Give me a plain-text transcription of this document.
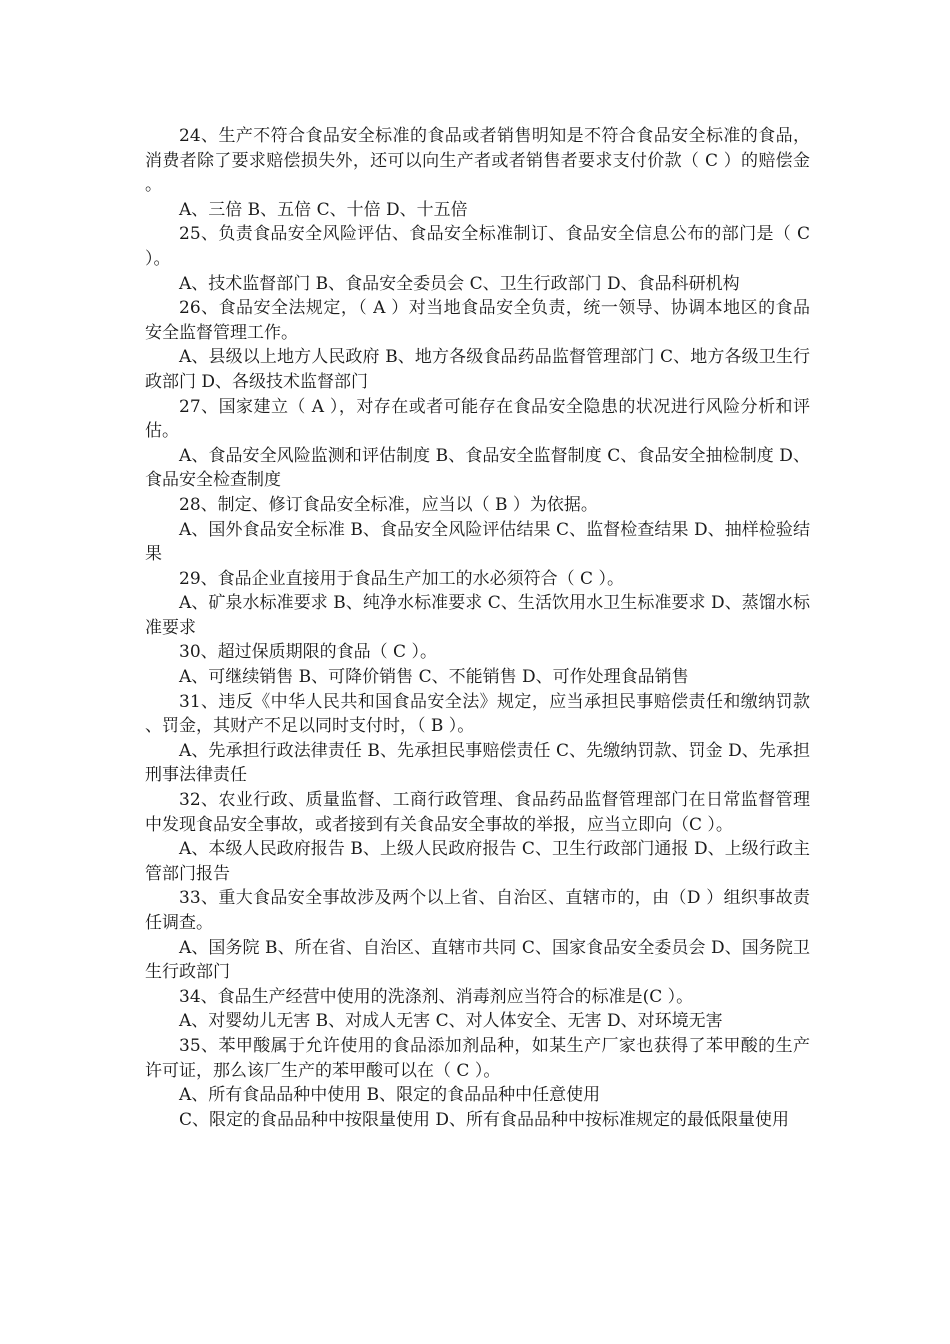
24、生产不符合食品安全标准的食品或者销售明知是不符合食品安全标准的食品，消费者除了要求赔偿损失外，还可以向生产者或者销售者要求支付价款（ C ）的赔偿金。

A、三倍 B、五倍 C、十倍 D、十五倍

25、负责食品安全风险评估、食品安全标准制订、食品安全信息公布的部门是（ C ）。

A、技术监督部门 B、食品安全委员会 C、卫生行政部门 D、食品科研机构

26、食品安全法规定，（ A ）对当地食品安全负责，统一领导、协调本地区的食品安全监督管理工作。

A、县级以上地方人民政府 B、地方各级食品药品监督管理部门 C、地方各级卫生行政部门 D、各级技术监督部门

27、国家建立（ A ），对存在或者可能存在食品安全隐患的状况进行风险分析和评估。

A、食品安全风险监测和评估制度 B、食品安全监督制度 C、食品安全抽检制度 D、食品安全检查制度

28、制定、修订食品安全标准，应当以（ B ）为依据。

A、国外食品安全标准 B、食品安全风险评估结果 C、监督检查结果 D、抽样检验结果

29、食品企业直接用于食品生产加工的水必须符合（ C ）。

A、矿泉水标准要求 B、纯净水标准要求 C、生活饮用水卫生标准要求 D、蒸馏水标准要求

30、超过保质期限的食品（ C ）。

A、可继续销售 B、可降价销售 C、不能销售 D、可作处理食品销售

31、违反《中华人民共和国食品安全法》规定，应当承担民事赔偿责任和缴纳罚款、罚金，其财产不足以同时支付时，（ B ）。

A、先承担行政法律责任 B、先承担民事赔偿责任 C、先缴纳罚款、罚金 D、先承担刑事法律责任

32、农业行政、质量监督、工商行政管理、食品药品监督管理部门在日常监督管理中发现食品安全事故，或者接到有关食品安全事故的举报，应当立即向（C ）。

A、本级人民政府报告 B、上级人民政府报告 C、卫生行政部门通报 D、上级行政主管部门报告

33、重大食品安全事故涉及两个以上省、自治区、直辖市的，由（D ）组织事故责任调查。

A、国务院 B、所在省、自治区、直辖市共同 C、国家食品安全委员会 D、国务院卫生行政部门

34、食品生产经营中使用的洗涤剂、消毒剂应当符合的标准是(C ）。

A、对婴幼儿无害 B、对成人无害 C、对人体安全、无害 D、对环境无害

35、苯甲酸属于允许使用的食品添加剂品种，如某生产厂家也获得了苯甲酸的生产许可证，那么该厂生产的苯甲酸可以在（ C ）。

A、所有食品品种中使用 B、限定的食品品种中任意使用

C、限定的食品品种中按限量使用 D、所有食品品种中按标准规定的最低限量使用
